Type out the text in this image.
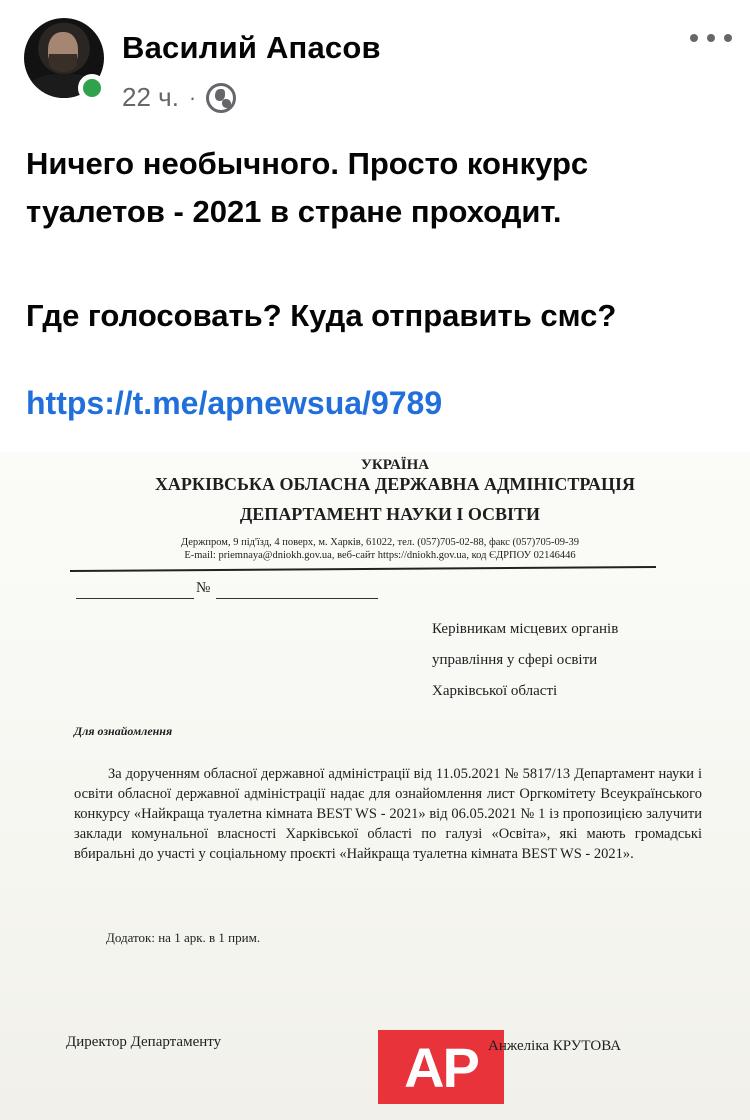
Василий Апасов
22 ч. ·

Ничего необычного. Просто конкурс

туалетов - 2021 в стране проходит.

Где голосовать? Куда отправить смс?

https://t.me/apnewsua/9789
УКРАЇНА
ХАРКІВСЬКА ОБЛАСНА ДЕРЖАВНА АДМІНІСТРАЦІЯ
ДЕПАРТАМЕНТ НАУКИ І ОСВІТИ
Держпром, 9 під'їзд, 4 поверх, м. Харків, 61022, тел. (057)705-02-88, факс (057)705-09-39
E-mail: priemnaya@dniokh.gov.ua, веб-сайт https://dniokh.gov.ua, код ЄДРПОУ 02146446
№
Керівникам місцевих органів
управління у сфері освіти
Харківської області
Для ознайомлення
За дорученням обласної державної адміністрації від 11.05.2021 № 5817/13 Департамент науки і освіти обласної державної адміністрації надає для ознайомлення лист Оргкомітету Всеукраїнського конкурсу «Найкраща туалетна кімната BEST WS - 2021» від 06.05.2021 № 1 із пропозицією залучити заклади комунальної власності Харківської області по галузі «Освіта», які мають громадські вбиральні до участі у соціальному проєкті «Найкраща туалетна кімната BEST WS - 2021».
Додаток: на 1 арк. в 1 прим.
Директор Департаменту	AP Анжеліка КРУТОВА
